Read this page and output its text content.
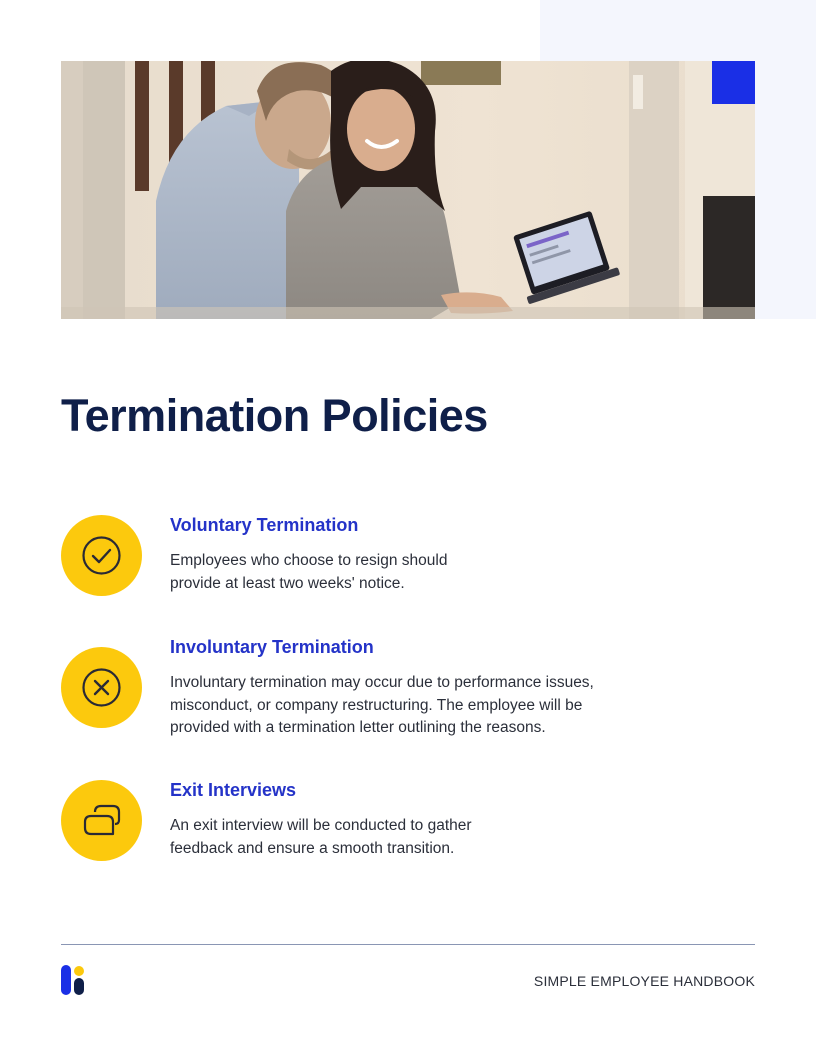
Termination Policies
Voluntary Termination

Employees who choose to resign should provide at least two weeks' notice.

Involuntary Termination

Involuntary termination may occur due to performance issues, misconduct, or company restructuring. The employee will be provided with a termination letter outlining the reasons.

Exit Interviews

An exit interview will be conducted to gather feedback and ensure a smooth transition.

SIMPLE EMPLOYEE HANDBOOK
